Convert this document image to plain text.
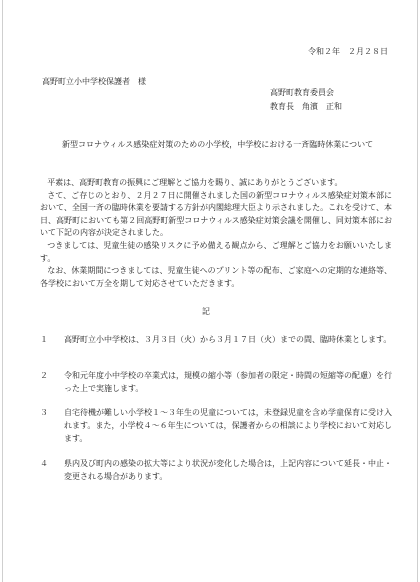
令和２年　２月２８日
高野町立小中学校保護者　様
高野町教育委員会
教育長　角濱　正和
新型コロナウィルス感染症対策のための小学校，中学校における一斉臨時休業について

平素は、高野町教育の振興にご理解とご協力を賜り、誠にありがとうございます。

さて、ご存じのとおり、２月２７日に開催されました国の新型コロナウィルス感染症対策本部において、全国一斉の臨時休業を要請する方針が内閣総理大臣より示されました。これを受けて、本日、高野町においても第２回高野町新型コロナウィルス感染症対策会議を開催し、同対策本部において下記の内容が決定されました。

つきましては、児童生徒の感染リスクに予め備える観点から、ご理解とご協力をお願いいたします。

なお、休業期間につきましては、児童生徒へのプリント等の配布、ご家庭への定期的な連絡等、各学校において万全を期して対応させていただきます。

記
１	高野町立小中学校は、３月３日（火）から３月１７日（火）までの間、臨時休業とします。
２	令和元年度小中学校の卒業式は，規模の縮小等（参加者の限定・時間の短縮等の配慮）を行った上で実施します。
３	自宅待機が難しい小学校１～３年生の児童については，未登録児童を含め学童保育に受け入れます。また，小学校４～６年生については，保護者からの相談により学校において対応します。
４	県内及び町内の感染の拡大等により状況が変化した場合は，上記内容について延長・中止・変更される場合があります。
